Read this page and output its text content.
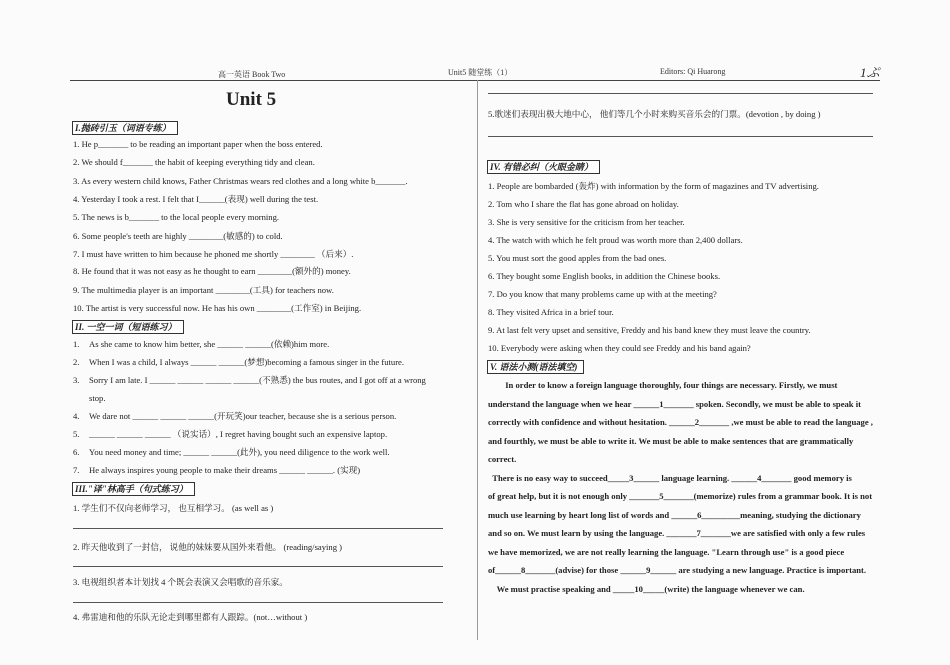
高一英语 Book Two	Unit5 随堂练（1）	Editors: Qi Huarong	1ぷ
Unit 5
I.抛砖引玉（词语专练）
1. He p_______ to be reading an important paper when the boss entered.
2. We should f_______ the habit of keeping everything tidy and clean.
3. As every western child knows, Father Christmas wears red clothes and a long white b_______.
4. Yesterday I took a rest. I felt that I______(表现) well during the test.
5. The news is b_______ to the local people every morning.
6. Some people's teeth are highly ________(敏感的) to cold.
7. I must have written to him because he phoned me shortly ________ （后来）.
8. He found that it was not easy as he thought to earn ________(额外的) money.
9. The multimedia player is an important ________(工具) for teachers now.
10. The artist is very successful now. He has his own ________(工作室) in Beijing.
II. 一空一词（短语练习）
1. As she came to know him better, she ______ ______(依赖)him more.
2. When I was a child, I always ______ ______(梦想)becoming a famous singer in the future.
3. Sorry I am late. I ______ ______ ______ ______(不熟悉) the bus routes, and I got off at a wrong
stop.
4. We dare not ______ ______ ______(开玩笑)our teacher, because she is a serious person.
5. ______ ______ ______ （说实话）, I regret having bought such an expensive laptop.
6. You need money and time; ______ ______(此外), you need diligence to the work well.
7. He always inspires young people to make their dreams ______ ______. (实现)
III."译"林高手（句式练习）
1. 学生们不仅向老师学习， 也互相学习。 (as well as )
2. 昨天他收到了一封信， 说他的妹妹要从国外来看他。 (reading/saying )
3. 电视组织者本计划找 4 个既会表演又会唱歌的音乐家。
4. 弗雷迪和他的乐队无论走到哪里都有人跟踪。(not…without )
5.歌迷们表现出极大地中心， 他们等几个小时来购买音乐会的门票。(devotion , by doing )
IV. 有错必纠（火眼金睛）
1. People are bombarded (轰炸) with information by the form of magazines and TV advertising.
2. Tom who I share the flat has gone abroad on holiday.
3. She is very sensitive for the criticism from her teacher.
4. The watch with which he felt proud was worth more than 2,400 dollars.
5. You must sort the good apples from the bad ones.
6. They bought some English books, in addition the Chinese books.
7. Do you know that many problems came up with at the meeting?
8. They visited Africa in a brief tour.
9. At last felt very upset and sensitive, Freddy and his band knew they must leave the country.
10. Everybody were asking when they could see Freddy and his band again?
V. 语法小测(语法填空)
In order to know a foreign language thoroughly, four things are necessary. Firstly, we must
understand the language when we hear ______1_______ spoken. Secondly, we must be able to speak it
correctly with confidence and without hesitation. ______2_______ ,we must be able to read the language ,
and fourthly, we must be able to write it. We must be able to make sentences that are grammatically
correct.
There is no easy way to succeed_____3______ language learning. ______4_______ good memory is
of great help, but it is not enough only _______5_______(memorize) rules from a grammar book. It is not
much use learning by heart long list of words and ______6_________meaning, studying the dictionary
and so on. We must learn by using the language. _______7_______we are satisfied with only a few rules
we have memorized, we are not really learning the language. "Learn through use" is a good piece
of______8_______(advise) for those ______9______ are studying a new language. Practice is important.
We must practise speaking and _____10_____(write) the language whenever we can.
